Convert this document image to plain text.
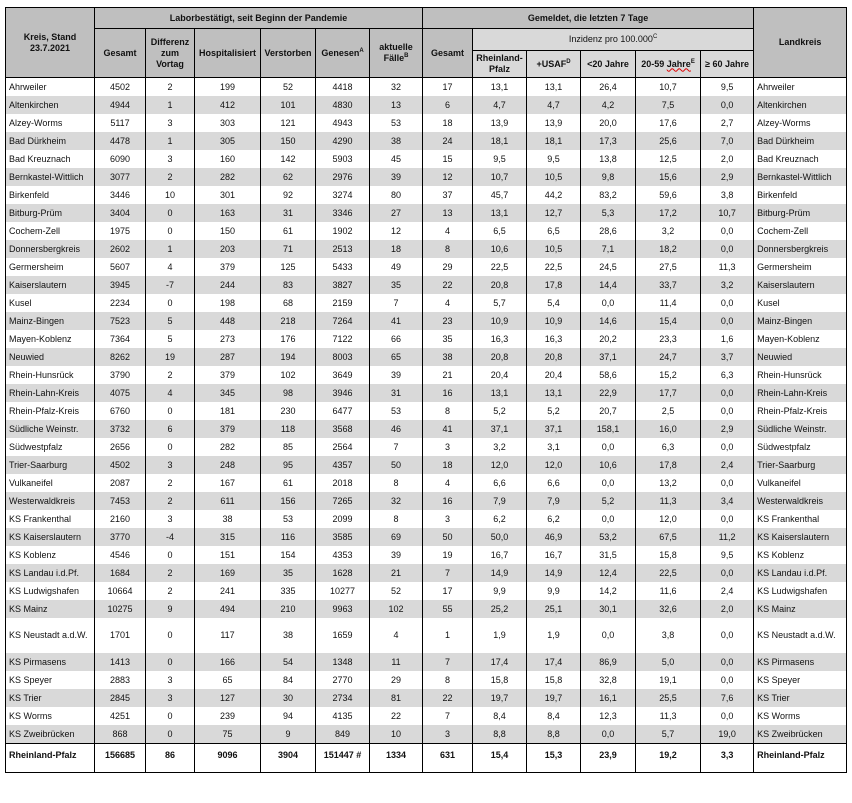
Kreis, Stand 23.7.2021	Laborbestätigt, seit Beginn der Pandemie						Gemeldet, die letzten 7 Tage						Landkreis
	Gesamt	Differenz zum Vortag	Hospitalisiert	Verstorben	Genesen$^A$	aktuelle Fälle$^B$	Gesamt	Inzidenz pro $100.000^C$
								Rheinland-Pfalz	$+USAF^D$	<20 Jahre	20-59 Jahre$^E$	≥ 60 Jahre	
Ahrweiler	4502	2	199	52	4418	32	17	13,1	13,1	26,4	10,7	9,5	Ahrweiler
Altenkirchen	4944	1	412	101	4830	13	6	4,7	4,7	4,2	7,5	0,0	Altenkirchen
Alzey-Worms	5117	3	303	121	4943	53	18	13,9	13,9	20,0	17,6	2,7	Alzey-Worms
Bad Dürkheim	4478	1	305	150	4290	38	24	18,1	18,1	17,3	25,6	7,0	Bad Dürkheim
Bad Kreuznach	6090	3	160	142	5903	45	15	9,5	9,5	13,8	12,5	2,0	Bad Kreuznach
Bernkastel-Wittlich	3077	2	282	62	2976	39	12	10,7	10,5	9,8	15,6	2,9	Bernkastel-Wittlich
Birkenfeld	3446	10	301	92	3274	80	37	45,7	44,2	83,2	59,6	3,8	Birkenfeld
Bitburg-Prüm	3404	0	163	31	3346	27	13	13,1	12,7	5,3	17,2	10,7	Bitburg-Prüm
Cochem-Zell	1975	0	150	61	1902	12	4	6,5	6,5	28,6	3,2	0,0	Cochem-Zell
Donnersbergkreis	2602	1	203	71	2513	18	8	10,6	10,5	7,1	18,2	0,0	Donnersbergkreis
Germersheim	5607	4	379	125	5433	49	29	22,5	22,5	24,5	27,5	11,3	Germersheim
Kaiserslautern	3945	-7	244	83	3827	35	22	20,8	17,8	14,4	33,7	3,2	Kaiserslautern
Kusel	2234	0	198	68	2159	7	4	5,7	5,4	0,0	11,4	0,0	Kusel
Mainz-Bingen	7523	5	448	218	7264	41	23	10,9	10,9	14,6	15,4	0,0	Mainz-Bingen
Mayen-Koblenz	7364	5	273	176	7122	66	35	16,3	16,3	20,2	23,3	1,6	Mayen-Koblenz
Neuwied	8262	19	287	194	8003	65	38	20,8	20,8	37,1	24,7	3,7	Neuwied
Rhein-Hunsrück	3790	2	379	102	3649	39	21	20,4	20,4	58,6	15,2	6,3	Rhein-Hunsrück
Rhein-Lahn-Kreis	4075	4	345	98	3946	31	16	13,1	13,1	22,9	17,7	0,0	Rhein-Lahn-Kreis
Rhein-Pfalz-Kreis	6760	0	181	230	6477	53	8	5,2	5,2	20,7	2,5	0,0	Rhein-Pfalz-Kreis
Südliche Weinstr.	3732	6	379	118	3568	46	41	37,1	37,1	158,1	16,0	2,9	Südliche Weinstr.
Südwestpfalz	2656	0	282	85	2564	7	3	3,2	3,1	0,0	6,3	0,0	Südwestpfalz
Trier-Saarburg	4502	3	248	95	4357	50	18	12,0	12,0	10,6	17,8	2,4	Trier-Saarburg
Vulkaneifel	2087	2	167	61	2018	8	4	6,6	6,6	0,0	13,2	0,0	Vulkaneifel
Westerwaldkreis	7453	2	611	156	7265	32	16	7,9	7,9	5,2	11,3	3,4	Westerwaldkreis
KS Frankenthal	2160	3	38	53	2099	8	3	6,2	6,2	0,0	12,0	0,0	KS Frankenthal
KS Kaiserslautern	3770	-4	315	116	3585	69	50	50,0	46,9	53,2	67,5	11,2	KS Kaiserslautern
KS Koblenz	4546	0	151	154	4353	39	19	16,7	16,7	31,5	15,8	9,5	KS Koblenz
KS Landau i.d.Pf.	1684	2	169	35	1628	21	7	14,9	14,9	12,4	22,5	0,0	KS Landau i.d.Pf.
KS Ludwigshafen	10664	2	241	335	10277	52	17	9,9	9,9	14,2	11,6	2,4	KS Ludwigshafen
KS Mainz	10275	9	494	210	9963	102	55	25,2	25,1	30,1	32,6	2,0	KS Mainz
KS Neustadt a.d.W.	1701	0	117	38	1659	4	1	1,9	1,9	0,0	3,8	0,0	KS Neustadt a.d.W.
KS Pirmasens	1413	0	166	54	1348	11	7	17,4	17,4	86,9	5,0	0,0	KS Pirmasens
KS Speyer	2883	3	65	84	2770	29	8	15,8	15,8	32,8	19,1	0,0	KS Speyer
KS Trier	2845	3	127	30	2734	81	22	19,7	19,7	16,1	25,5	7,6	KS Trier
KS Worms	4251	0	239	94	4135	22	7	8,4	8,4	12,3	11,3	0,0	KS Worms
KS Zweibrücken	868	0	75	9	849	10	3	8,8	8,8	0,0	5,7	19,0	KS Zweibrücken
Rheinland-Pfalz	156685	86	9096	3904	151447 #	1334	631	15,4	15,3	23,9	19,2	3,3	Rheinland-Pfalz
